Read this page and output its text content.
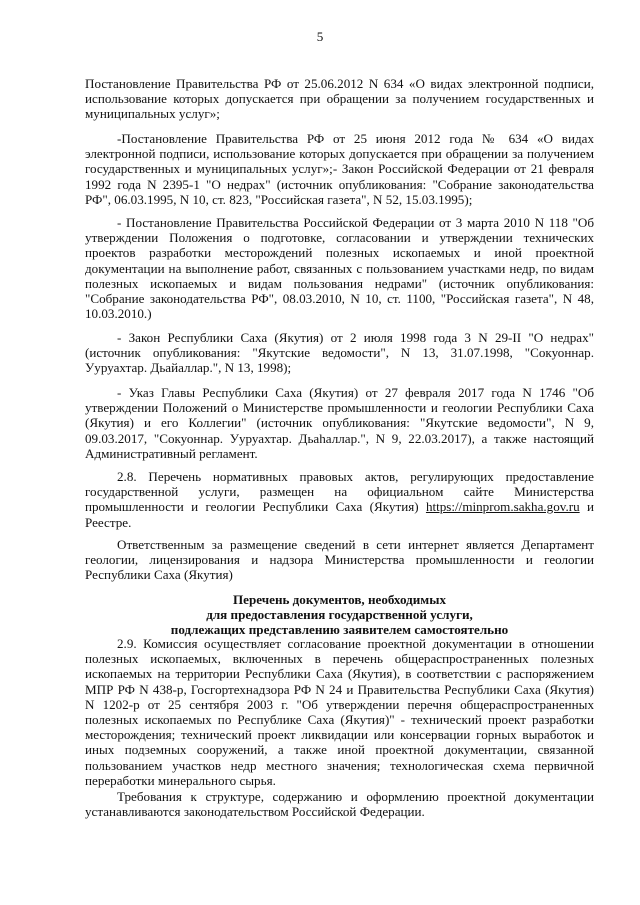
5

Постановление Правительства РФ от 25.06.2012 N 634 «О видах электронной подписи,

использование которых допускается при обращении за получением государственных и

муниципальных услуг»;

-Постановление Правительства РФ от 25 июня 2012 года № 634 «О видах

электронной подписи, использование которых допускается при обращении за получением

государственных и муниципальных услуг»;- Закон Российской Федерации от 21 февраля

1992 года N 2395-1 "О недрах" (источник опубликования: "Собрание законодательства

РФ", 06.03.1995, N 10, ст. 823, "Российская газета", N 52, 15.03.1995);

- Постановление Правительства Российской Федерации от 3 марта 2010 N 118 "Об

утверждении Положения о подготовке, согласовании и утверждении технических

проектов разработки месторождений полезных ископаемых и иной проектной

документации на выполнение работ, связанных с пользованием участками недр, по видам

полезных ископаемых и видам пользования недрами" (источник опубликования:

"Собрание законодательства РФ", 08.03.2010, N 10, ст. 1100, "Российская газета", N 48,

10.03.2010.)

- Закон Республики Саха (Якутия) от 2 июля 1998 года 3 N 29-II "О недрах"

(источник опубликования: "Якутские ведомости", N 13, 31.07.1998, "Сокуоннар.

Ууруахтар. Дьайаллар.", N 13, 1998);

- Указ Главы Республики Саха (Якутия) от 27 февраля 2017 года N 1746 "Об

утверждении Положений о Министерстве промышленности и геологии Республики Саха

(Якутия) и его Коллегии" (источник опубликования: "Якутские ведомости", N 9,

09.03.2017, "Сокуоннар. Ууруахтар. Дьаhаллар.", N 9, 22.03.2017), а также настоящий

Административный регламент.

2.8. Перечень нормативных правовых актов, регулирующих предоставление

государственной услуги, размещен на официальном сайте Министерства

промышленности и геологии Республики Саха (Якутия) https://minprom.sakha.gov.ru и

Реестре.

Ответственным за размещение сведений в сети интернет является Департамент

геологии, лицензирования и надзора Министерства промышленности и геологии

Республики Саха (Якутия)

Перечень документов, необходимых
для предоставления государственной услуги,
подлежащих представлению заявителем самостоятельно

2.9. Комиссия осуществляет согласование проектной документации в отношении

полезных ископаемых, включенных в перечень общераспространенных полезных

ископаемых на территории Республики Саха (Якутия), в соответствии с распоряжением

МПР РФ N 438-р, Госгортехнадзора РФ N 24 и Правительства Республики Саха (Якутия)

N 1202-р от 25 сентября 2003 г. "Об утверждении перечня общераспространенных

полезных ископаемых по Республике Саха (Якутия)" - технический проект разработки

месторождения; технический проект ликвидации или консервации горных выработок и

иных подземных сооружений, а также иной проектной документации, связанной

пользованием участков недр местного значения; технологическая схема первичной

переработки минерального сырья.

Требования к структуре, содержанию и оформлению проектной документации

устанавливаются законодательством Российской Федерации.
